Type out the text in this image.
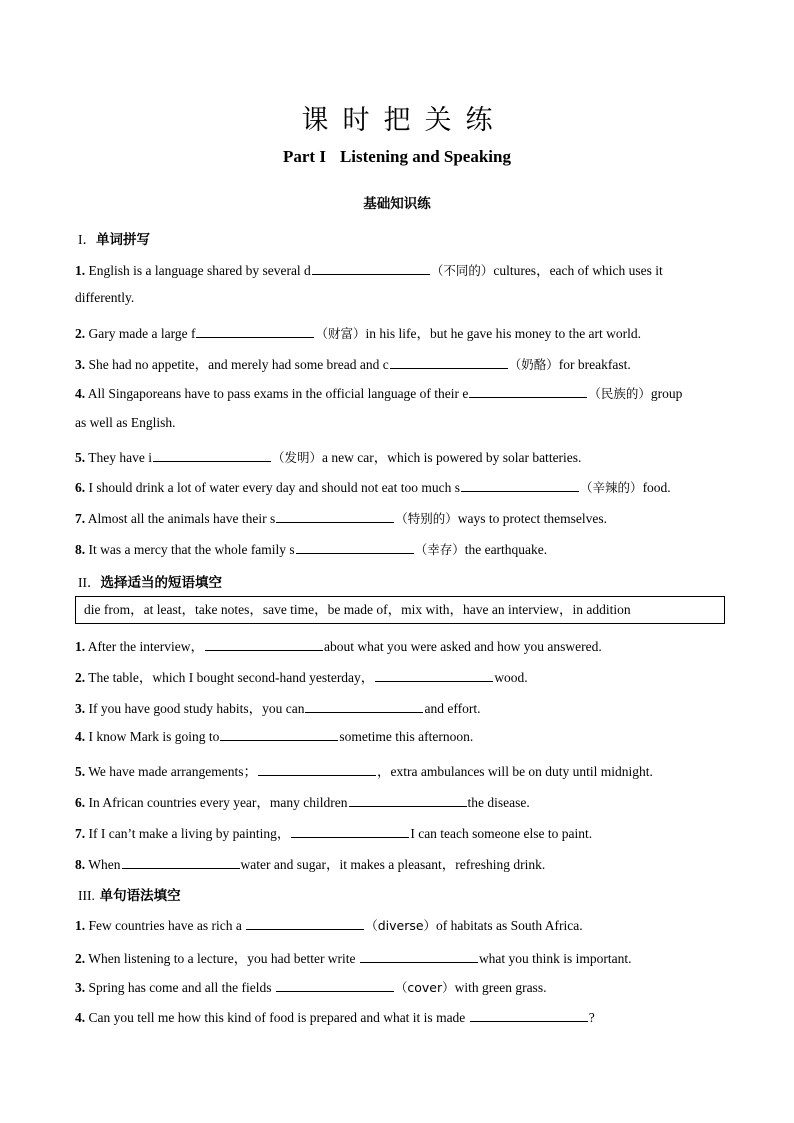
课时把关练
Part I Listening and Speaking
基础知识练
I．单词拼写
1. English is a language shared by several d	（不同的）cultures，each of which uses it
differently.
2. Gary made a large f	（财富）in his life，but he gave his money to the art world.
3. She had no appetite，and merely had some bread and c	（奶酪）for breakfast.
4. All Singaporeans have to pass exams in the official language of their e	（民族的）group
as well as English.
5. They have i	（发明）a new car，which is powered by solar batteries.
6. I should drink a lot of water every day and should not eat too much s	（辛辣的）food.
7. Almost all the animals have their s	（特别的）ways to protect themselves.
8. It was a mercy that the whole family s	（幸存）the earthquake.
II．选择适当的短语填空
die from，at least，take notes，save time，be made of，mix with，have an interview，in addition
1. After the interview，	about what you were asked and how you answered.
2. The table，which I bought second-hand yesterday，	wood.
3. If you have good study habits，you can	and effort.
4. I know Mark is going to	sometime this afternoon.
5. We have made arrangements；	，extra ambulances will be on duty until midnight.
6. In African countries every year，many children	the disease.
7. If I can’t make a living by painting，	I can teach someone else to paint.
8. When	water and sugar，it makes a pleasant，refreshing drink.
III. 单句语法填空
1. Few countries have as rich a	（diverse）of habitats as South Africa.
2. When listening to a lecture，you had better write	what you think is important.
3. Spring has come and all the fields	（cover）with green grass.
4. Can you tell me how this kind of food is prepared and what it is made	?
